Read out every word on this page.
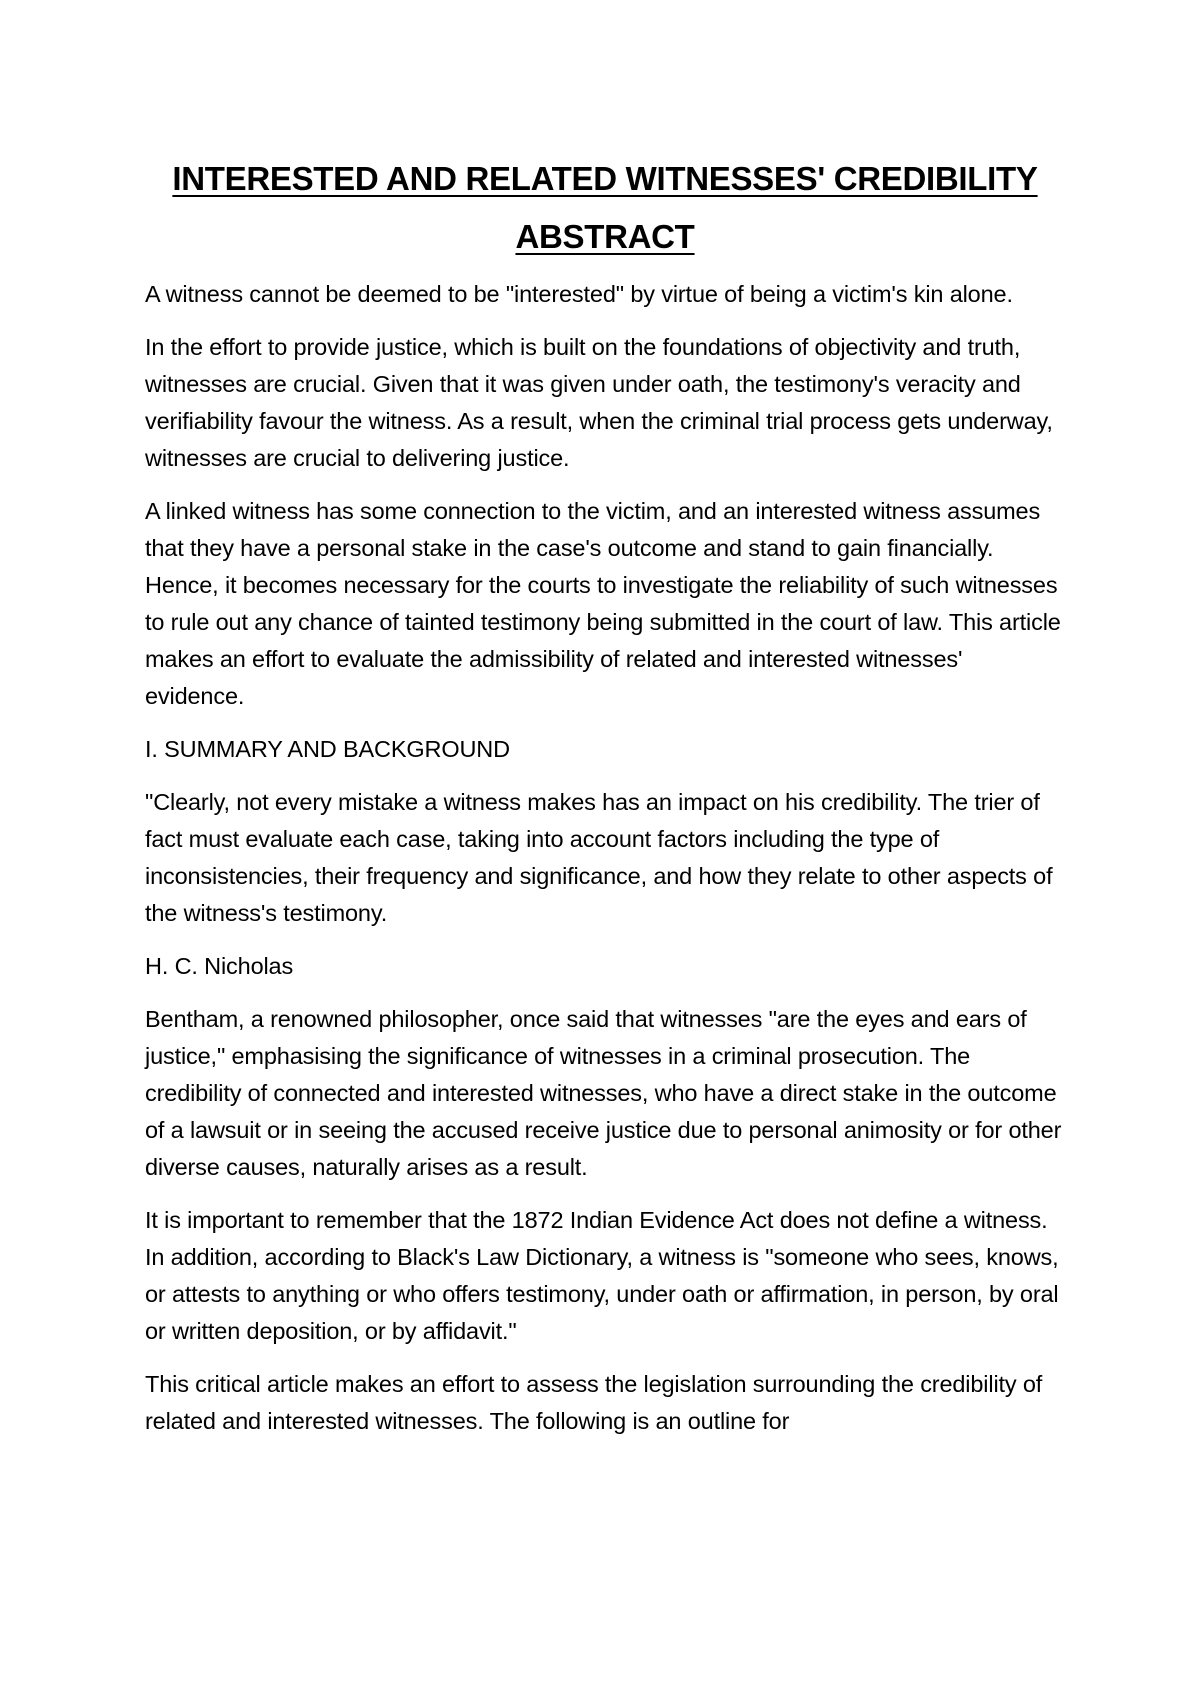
INTERESTED AND RELATED WITNESSES' CREDIBILITY
ABSTRACT

A witness cannot be deemed to be "interested" by virtue of being a victim's kin alone.

In the effort to provide justice, which is built on the foundations of objectivity and truth, witnesses are crucial. Given that it was given under oath, the testimony's veracity and verifiability favour the witness. As a result, when the criminal trial process gets underway, witnesses are crucial to delivering justice.

A linked witness has some connection to the victim, and an interested witness assumes that they have a personal stake in the case's outcome and stand to gain financially. Hence, it becomes necessary for the courts to investigate the reliability of such witnesses to rule out any chance of tainted testimony being submitted in the court of law. This article makes an effort to evaluate the admissibility of related and interested witnesses' evidence.

I. SUMMARY AND BACKGROUND

"Clearly, not every mistake a witness makes has an impact on his credibility. The trier of fact must evaluate each case, taking into account factors including the type of inconsistencies, their frequency and significance, and how they relate to other aspects of the witness's testimony.

H. C. Nicholas

Bentham, a renowned philosopher, once said that witnesses "are the eyes and ears of justice," emphasising the significance of witnesses in a criminal prosecution. The credibility of connected and interested witnesses, who have a direct stake in the outcome of a lawsuit or in seeing the accused receive justice due to personal animosity or for other diverse causes, naturally arises as a result.

It is important to remember that the 1872 Indian Evidence Act does not define a witness. In addition, according to Black's Law Dictionary, a witness is "someone who sees, knows, or attests to anything or who offers testimony, under oath or affirmation, in person, by oral or written deposition, or by affidavit."

This critical article makes an effort to assess the legislation surrounding the credibility of related and interested witnesses. The following is an outline for
